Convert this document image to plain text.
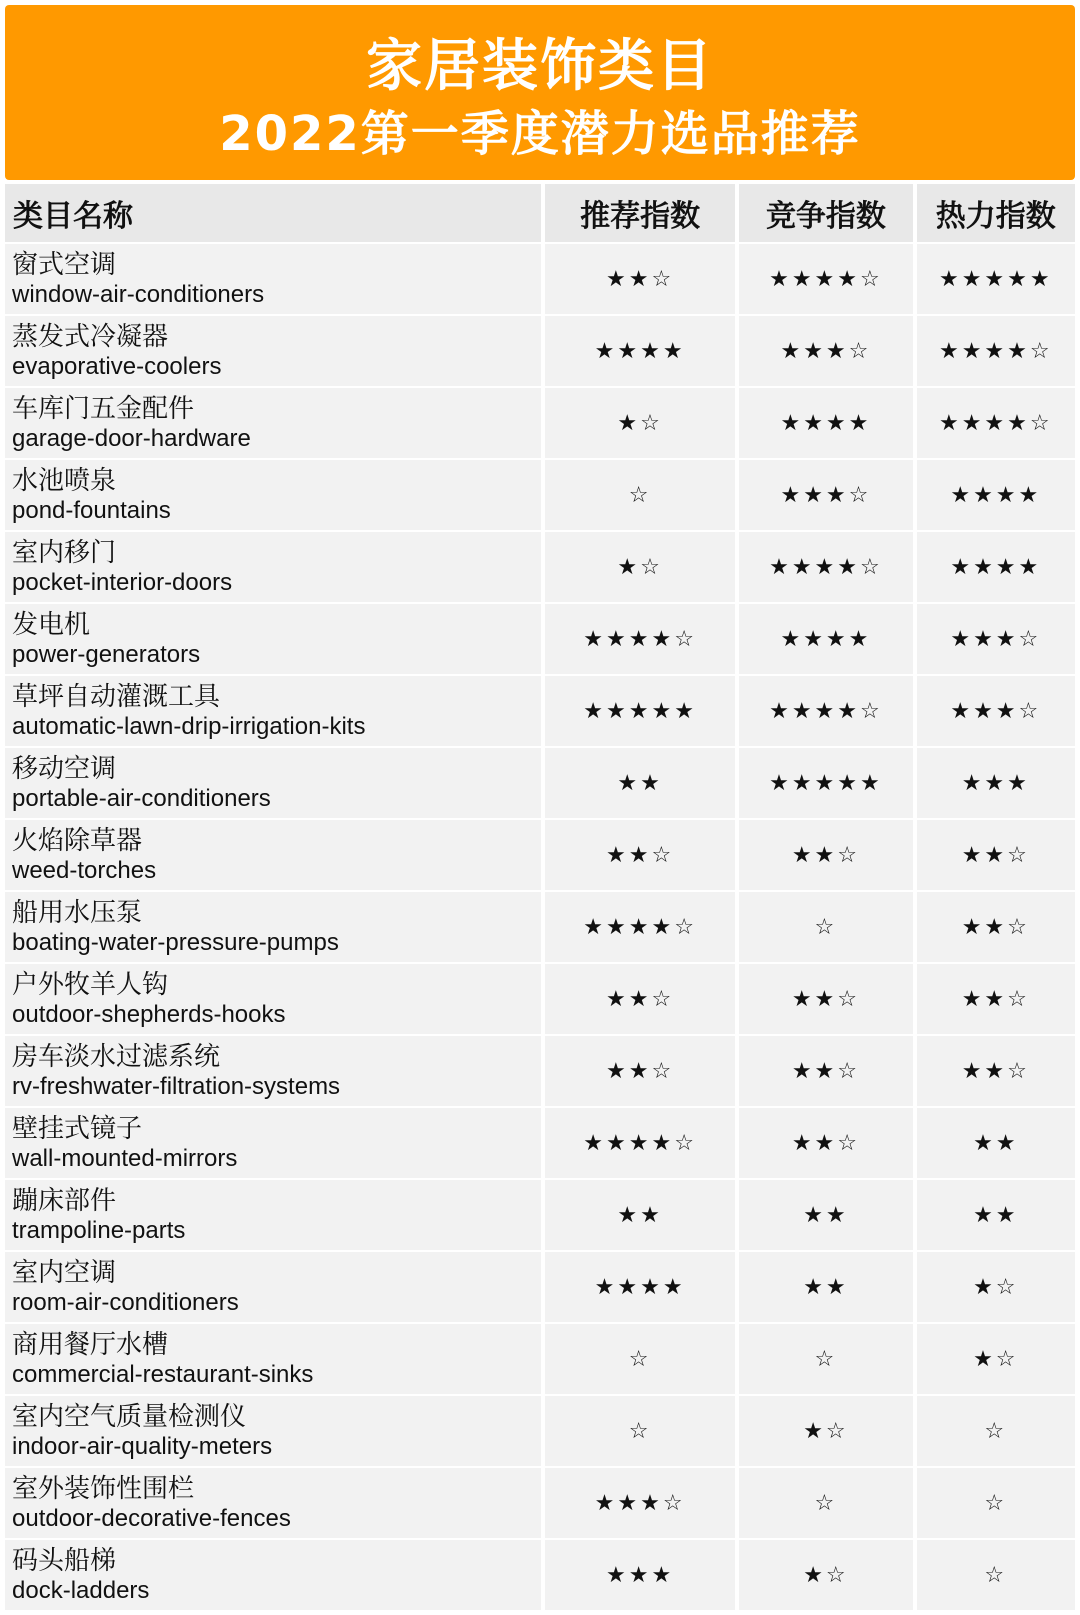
家居装饰类目
2022第一季度潜力选品推荐
类目名称	推荐指数	竞争指数	热力指数
窗式空调
window-air-conditioners
★★☆	★★★★☆	★★★★★
蒸发式冷凝器
evaporative-coolers
★★★★	★★★☆	★★★★☆
车库门五金配件
garage-door-hardware
★☆	★★★★	★★★★☆
水池喷泉
pond-fountains
☆	★★★☆	★★★★
室内移门
pocket-interior-doors
★☆	★★★★☆	★★★★
发电机
power-generators
★★★★☆	★★★★	★★★☆
草坪自动灌溉工具
automatic-lawn-drip-irrigation-kits
★★★★★	★★★★☆	★★★☆
移动空调
portable-air-conditioners
★★	★★★★★	★★★
火焰除草器
weed-torches
★★☆	★★☆	★★☆
船用水压泵
boating-water-pressure-pumps
★★★★☆	☆	★★☆
户外牧羊人钩
outdoor-shepherds-hooks
★★☆	★★☆	★★☆
房车淡水过滤系统
rv-freshwater-filtration-systems
★★☆	★★☆	★★☆
壁挂式镜子
wall-mounted-mirrors
★★★★☆	★★☆	★★
蹦床部件
trampoline-parts
★★	★★	★★
室内空调
room-air-conditioners
★★★★	★★	★☆
商用餐厅水槽
commercial-restaurant-sinks
☆	☆	★☆
室内空气质量检测仪
indoor-air-quality-meters
☆	★☆	☆
室外装饰性围栏
outdoor-decorative-fences
★★★☆	☆	☆
码头船梯
dock-ladders
★★★	★☆	☆
